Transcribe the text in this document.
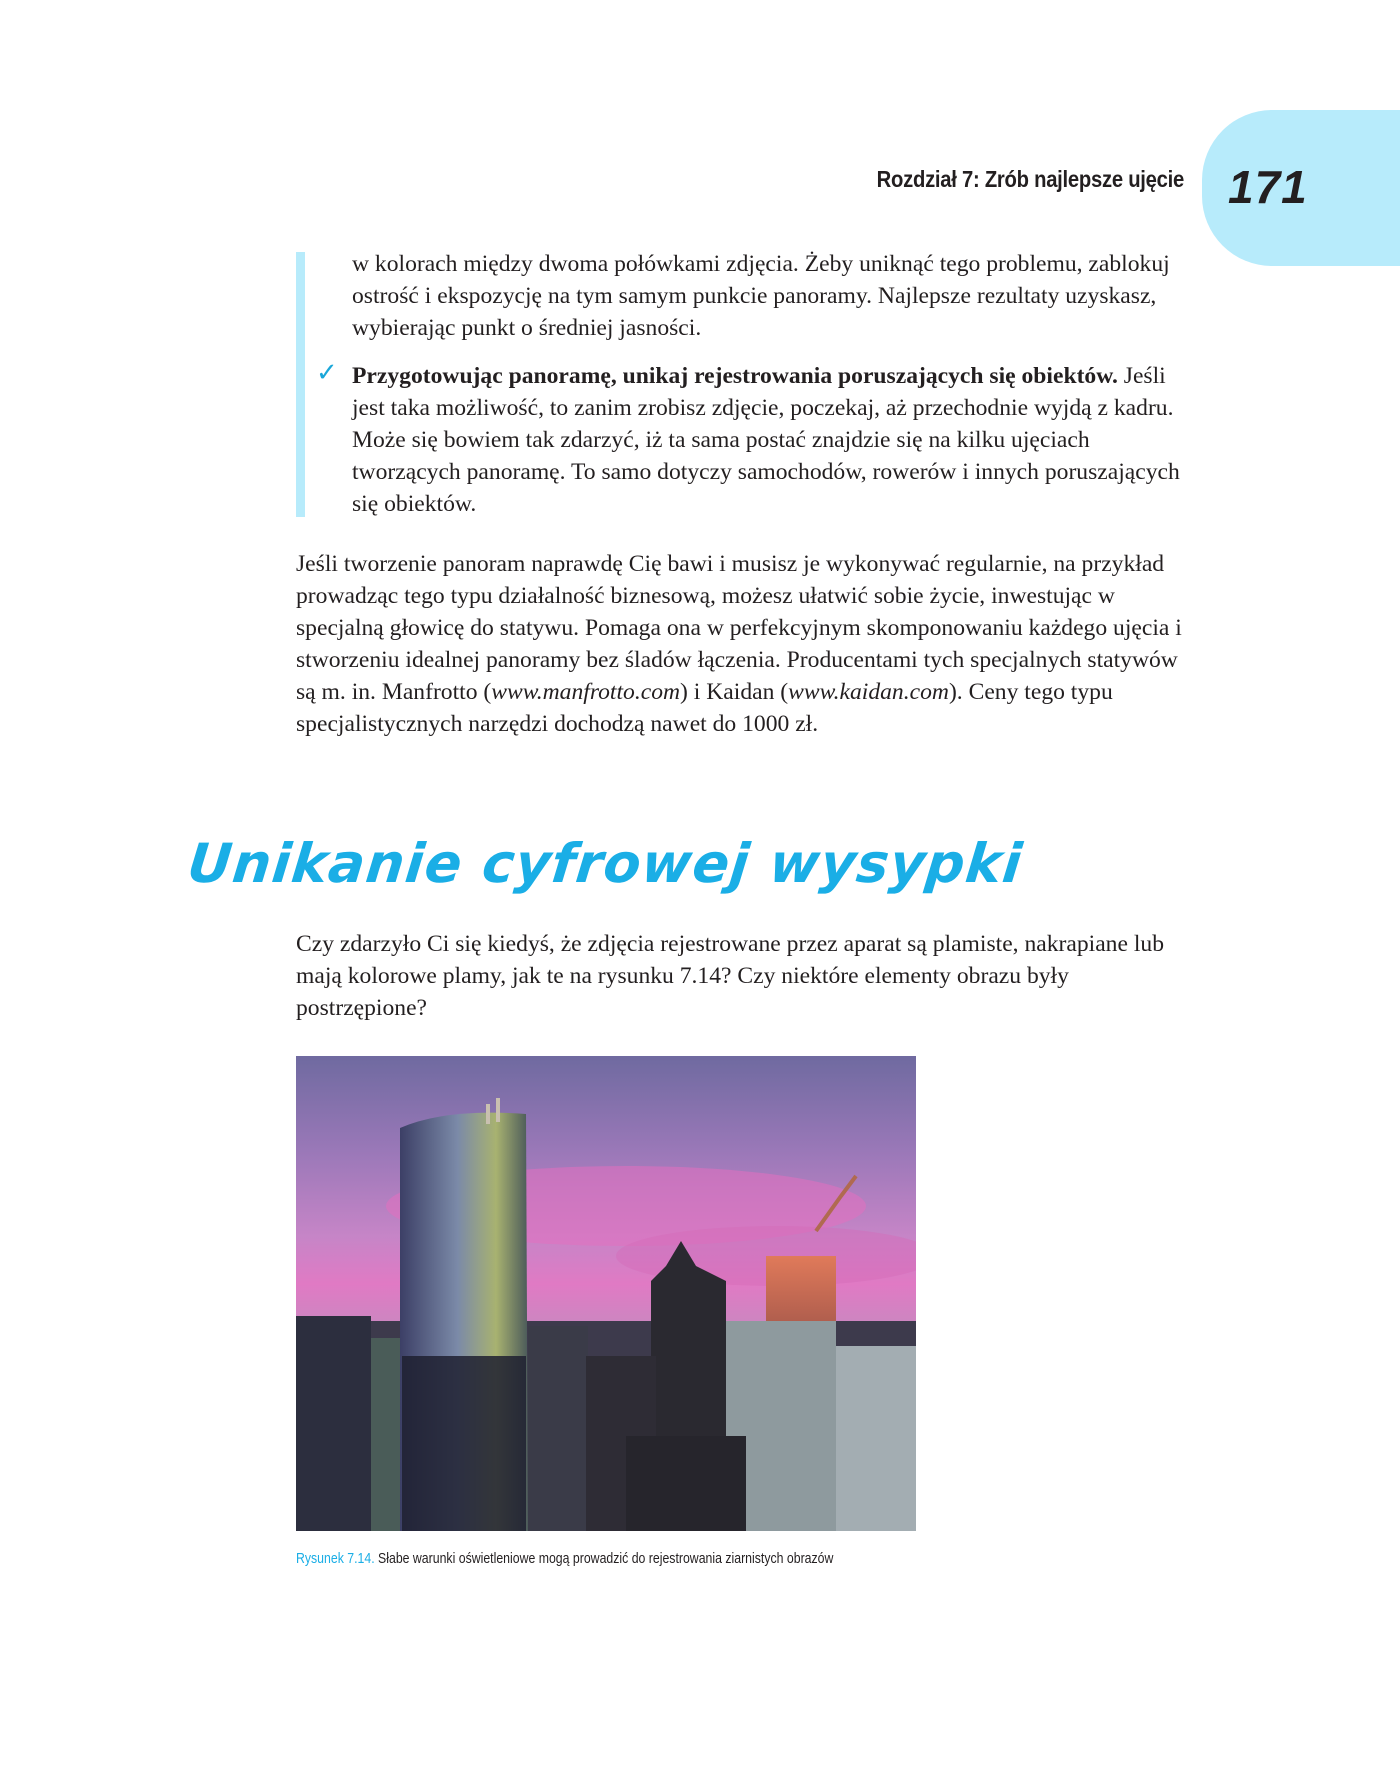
171
Rozdział 7: Zrób najlepsze ujęcie

w kolorach między dwoma połówkami zdjęcia. Żeby uniknąć tego problemu, zablokuj ostrość i ekspozycję na tym samym punkcie panoramy. Najlepsze rezultaty uzyskasz, wybierając punkt o średniej jasności.

✓ Przygotowując panoramę, unikaj rejestrowania poruszających się obiektów. Jeśli jest taka możliwość, to zanim zrobisz zdjęcie, poczekaj, aż przechodnie wyjdą z kadru. Może się bowiem tak zdarzyć, iż ta sama postać znajdzie się na kilku ujęciach tworzących panoramę. To samo dotyczy samochodów, rowerów i innych poruszających się obiektów.

Jeśli tworzenie panoram naprawdę Cię bawi i musisz je wykonywać regularnie, na przykład prowadząc tego typu działalność biznesową, możesz ułatwić sobie życie, inwestując w specjalną głowicę do statywu. Pomaga ona w perfekcyjnym skomponowaniu każdego ujęcia i stworzeniu idealnej panoramy bez śladów łączenia. Producentami tych specjalnych statywów są m. in. Manfrotto (www.manfrotto.com) i Kaidan (www.kaidan.com). Ceny tego typu specjalistycznych narzędzi dochodzą nawet do 1000 zł.

Unikanie cyfrowej wysypki

Czy zdarzyło Ci się kiedyś, że zdjęcia rejestrowane przez aparat są plamiste, nakrapiane lub mają kolorowe plamy, jak te na rysunku 7.14? Czy niektóre elementy obrazu były postrzępione?

Rysunek 7.14. Słabe warunki oświetleniowe mogą prowadzić do rejestrowania ziarnistych obrazów
